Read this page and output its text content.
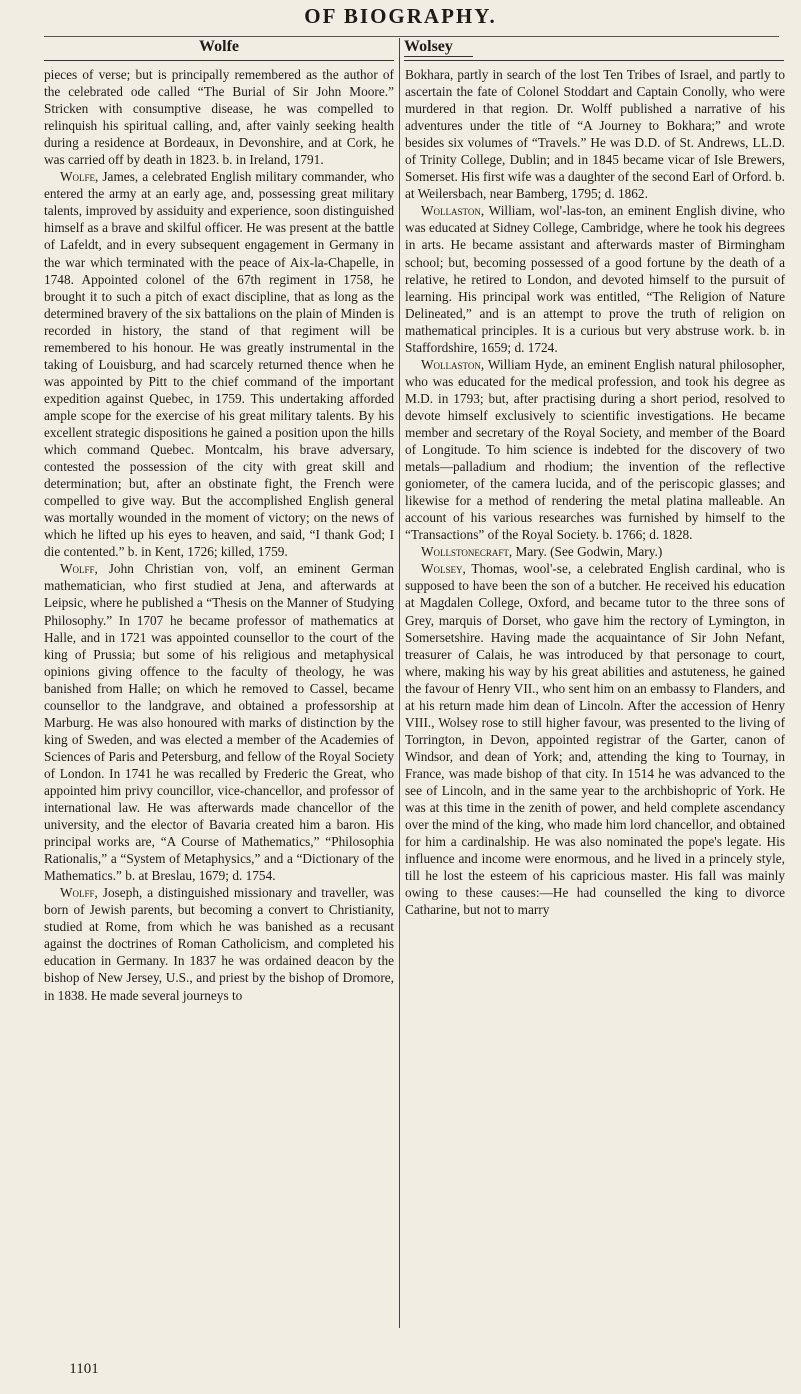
OF BIOGRAPHY.
Wolfe	Wolsey

pieces of verse; but is principally remembered as the author of the celebrated ode called “The Burial of Sir John Moore.” Stricken with consumptive disease, he was compelled to relinquish his spiritual calling, and, after vainly seeking health during a residence at Bordeaux, in Devonshire, and at Cork, he was carried off by death in 1823. b. in Ireland, 1791.

Wolfe, James, a celebrated English military commander, who entered the army at an early age, and, possessing great military talents, improved by assiduity and experience, soon distinguished himself as a brave and skilful officer. He was present at the battle of Lafeldt, and in every subsequent engagement in Germany in the war which terminated with the peace of Aix-la-Chapelle, in 1748. Appointed colonel of the 67th regiment in 1758, he brought it to such a pitch of exact discipline, that as long as the determined bravery of the six battalions on the plain of Minden is recorded in history, the stand of that regiment will be remembered to his honour. He was greatly instrumental in the taking of Louisburg, and had scarcely returned thence when he was appointed by Pitt to the chief command of the important expedition against Quebec, in 1759. This undertaking afforded ample scope for the exercise of his great military talents. By his excellent strategic dispositions he gained a position upon the hills which command Quebec. Montcalm, his brave adversary, contested the possession of the city with great skill and determination; but, after an obstinate fight, the French were compelled to give way. But the accomplished English general was mortally wounded in the moment of victory; on the news of which he lifted up his eyes to heaven, and said, “I thank God; I die contented.” b. in Kent, 1726; killed, 1759.

Wolff, John Christian von, volf, an eminent German mathematician, who first studied at Jena, and afterwards at Leipsic, where he published a “Thesis on the Manner of Studying Philosophy.” In 1707 he became professor of mathematics at Halle, and in 1721 was appointed counsellor to the court of the king of Prussia; but some of his religious and metaphysical opinions giving offence to the faculty of theology, he was banished from Halle; on which he removed to Cassel, became counsellor to the landgrave, and obtained a professorship at Marburg. He was also honoured with marks of distinction by the king of Sweden, and was elected a member of the Academies of Sciences of Paris and Petersburg, and fellow of the Royal Society of London. In 1741 he was recalled by Frederic the Great, who appointed him privy councillor, vice-chancellor, and professor of international law. He was afterwards made chancellor of the university, and the elector of Bavaria created him a baron. His principal works are, “A Course of Mathematics,” “Philosophia Rationalis,” a “System of Metaphysics,” and a “Dictionary of the Mathematics.” b. at Breslau, 1679; d. 1754.

Wolff, Joseph, a distinguished missionary and traveller, was born of Jewish parents, but becoming a convert to Christianity, studied at Rome, from which he was banished as a recusant against the doctrines of Roman Catholicism, and completed his education in Germany. In 1837 he was ordained deacon by the bishop of New Jersey, U.S., and priest by the bishop of Dromore, in 1838. He made several journeys to

Bokhara, partly in search of the lost Ten Tribes of Israel, and partly to ascertain the fate of Colonel Stoddart and Captain Conolly, who were murdered in that region. Dr. Wolff published a narrative of his adventures under the title of “A Journey to Bokhara;” and wrote besides six volumes of “Travels.” He was D.D. of St. Andrews, LL.D. of Trinity College, Dublin; and in 1845 became vicar of Isle Brewers, Somerset. His first wife was a daughter of the second Earl of Orford. b. at Weilersbach, near Bamberg, 1795; d. 1862.

Wollaston, William, wol'-las-ton, an eminent English divine, who was educated at Sidney College, Cambridge, where he took his degrees in arts. He became assistant and afterwards master of Birmingham school; but, becoming possessed of a good fortune by the death of a relative, he retired to London, and devoted himself to the pursuit of learning. His principal work was entitled, “The Religion of Nature Delineated,” and is an attempt to prove the truth of religion on mathematical principles. It is a curious but very abstruse work. b. in Staffordshire, 1659; d. 1724.

Wollaston, William Hyde, an eminent English natural philosopher, who was educated for the medical profession, and took his degree as M.D. in 1793; but, after practising during a short period, resolved to devote himself exclusively to scientific investigations. He became member and secretary of the Royal Society, and member of the Board of Longitude. To him science is indebted for the discovery of two metals—palladium and rhodium; the invention of the reflective goniometer, of the camera lucida, and of the periscopic glasses; and likewise for a method of rendering the metal platina malleable. An account of his various researches was furnished by himself to the “Transactions” of the Royal Society. b. 1766; d. 1828.

Wollstonecraft, Mary. (See Godwin, Mary.)

Wolsey, Thomas, wool'-se, a celebrated English cardinal, who is supposed to have been the son of a butcher. He received his education at Magdalen College, Oxford, and became tutor to the three sons of Grey, marquis of Dorset, who gave him the rectory of Lymington, in Somersetshire. Having made the acquaintance of Sir John Nefant, treasurer of Calais, he was introduced by that personage to court, where, making his way by his great abilities and astuteness, he gained the favour of Henry VII., who sent him on an embassy to Flanders, and at his return made him dean of Lincoln. After the accession of Henry VIII., Wolsey rose to still higher favour, was presented to the living of Torrington, in Devon, appointed registrar of the Garter, canon of Windsor, and dean of York; and, attending the king to Tournay, in France, was made bishop of that city. In 1514 he was advanced to the see of Lincoln, and in the same year to the archbishopric of York. He was at this time in the zenith of power, and held complete ascendancy over the mind of the king, who made him lord chancellor, and obtained for him a cardinalship. He was also nominated the pope's legate. His influence and income were enormous, and he lived in a princely style, till he lost the esteem of his capricious master. His fall was mainly owing to these causes:—He had counselled the king to divorce Catharine, but not to marry

1101
